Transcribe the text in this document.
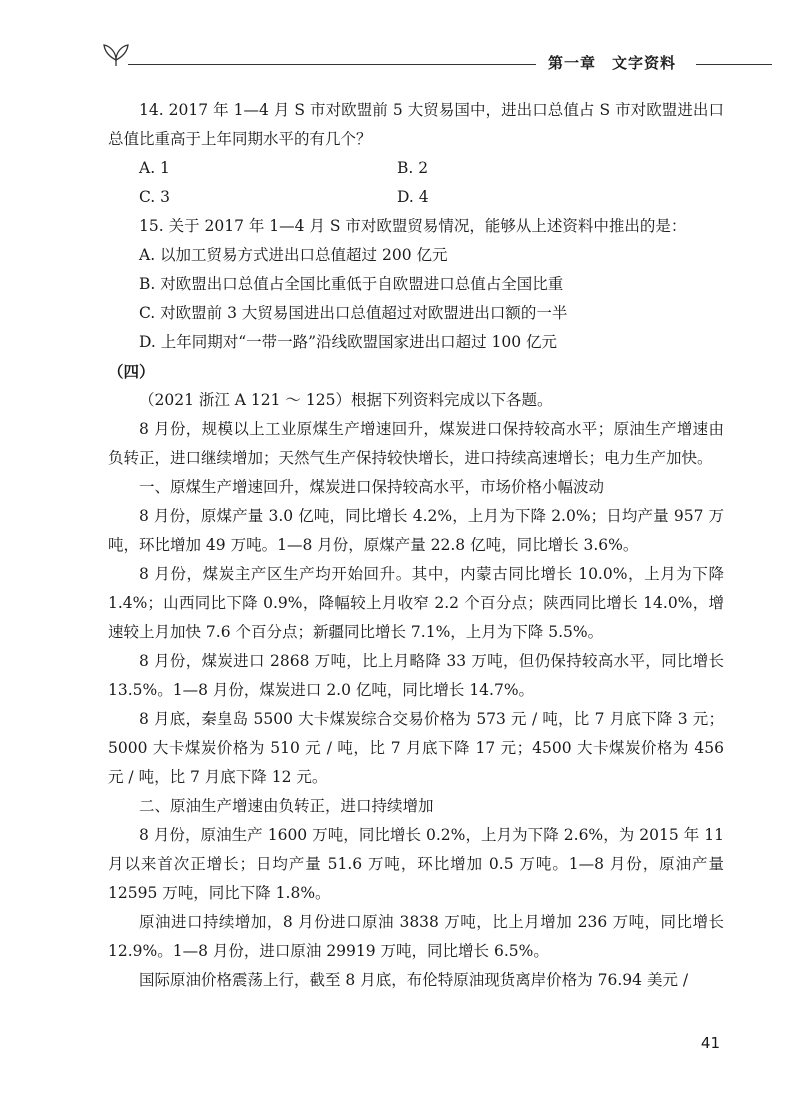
第一章　文字资料

14. 2017 年 1—4 月 S 市对欧盟前 5 大贸易国中，进出口总值占 S 市对欧盟进出口总值比重高于上年同期水平的有几个？

A. 1	B. 2
C. 3	D. 4

15. 关于 2017 年 1—4 月 S 市对欧盟贸易情况，能够从上述资料中推出的是：

A. 以加工贸易方式进出口总值超过 200 亿元

B. 对欧盟出口总值占全国比重低于自欧盟进口总值占全国比重

C. 对欧盟前 3 大贸易国进出口总值超过对欧盟进出口额的一半

D. 上年同期对“一带一路”沿线欧盟国家进出口超过 100 亿元

（四）

（2021 浙江 A 121 ～ 125）根据下列资料完成以下各题。

8 月份，规模以上工业原煤生产增速回升，煤炭进口保持较高水平；原油生产增速由负转正，进口继续增加；天然气生产保持较快增长，进口持续高速增长；电力生产加快。

一、原煤生产增速回升，煤炭进口保持较高水平，市场价格小幅波动

8 月份，原煤产量 3.0 亿吨，同比增长 4.2%，上月为下降 2.0%；日均产量 957 万吨，环比增加 49 万吨。1—8 月份，原煤产量 22.8 亿吨，同比增长 3.6%。

8 月份，煤炭主产区生产均开始回升。其中，内蒙古同比增长 10.0%，上月为下降 1.4%；山西同比下降 0.9%，降幅较上月收窄 2.2 个百分点；陕西同比增长 14.0%，增速较上月加快 7.6 个百分点；新疆同比增长 7.1%，上月为下降 5.5%。

8 月份，煤炭进口 2868 万吨，比上月略降 33 万吨，但仍保持较高水平，同比增长 13.5%。1—8 月份，煤炭进口 2.0 亿吨，同比增长 14.7%。

8 月底，秦皇岛 5500 大卡煤炭综合交易价格为 573 元 / 吨，比 7 月底下降 3 元；5000 大卡煤炭价格为 510 元 / 吨，比 7 月底下降 17 元；4500 大卡煤炭价格为 456 元 / 吨，比 7 月底下降 12 元。

二、原油生产增速由负转正，进口持续增加

8 月份，原油生产 1600 万吨，同比增长 0.2%，上月为下降 2.6%，为 2015 年 11 月以来首次正增长；日均产量 51.6 万吨，环比增加 0.5 万吨。1—8 月份，原油产量 12595 万吨，同比下降 1.8%。

原油进口持续增加，8 月份进口原油 3838 万吨，比上月增加 236 万吨，同比增长 12.9%。1—8 月份，进口原油 29919 万吨，同比增长 6.5%。

国际原油价格震荡上行，截至 8 月底，布伦特原油现货离岸价格为 76.94 美元 /

41
